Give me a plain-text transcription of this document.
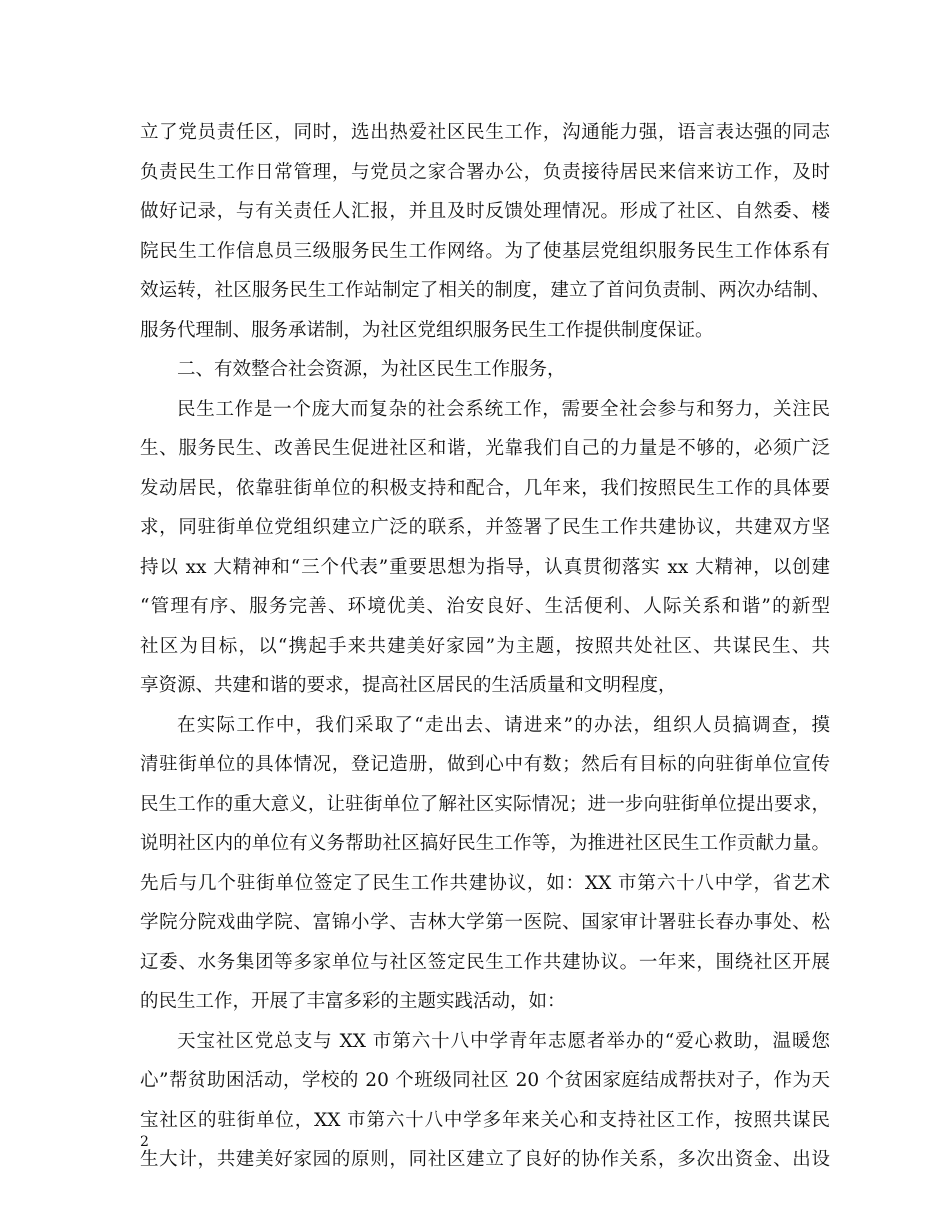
立了党员责任区，同时，选出热爱社区民生工作，沟通能力强，语言表达强的同志
负责民生工作日常管理，与党员之家合署办公，负责接待居民来信来访工作，及时
做好记录，与有关责任人汇报，并且及时反馈处理情况。形成了社区、自然委、楼
院民生工作信息员三级服务民生工作网络。为了使基层党组织服务民生工作体系有
效运转，社区服务民生工作站制定了相关的制度，建立了首问负责制、两次办结制、
服务代理制、服务承诺制，为社区党组织服务民生工作提供制度保证。
二、有效整合社会资源，为社区民生工作服务，
民生工作是一个庞大而复杂的社会系统工作，需要全社会参与和努力，关注民
生、服务民生、改善民生促进社区和谐，光靠我们自己的力量是不够的，必须广泛
发动居民，依靠驻街单位的积极支持和配合，几年来，我们按照民生工作的具体要
求，同驻街单位党组织建立广泛的联系，并签署了民生工作共建协议，共建双方坚
持以 xx 大精神和“三个代表”重要思想为指导，认真贯彻落实 xx 大精神，以创建
“管理有序、服务完善、环境优美、治安良好、生活便利、人际关系和谐”的新型
社区为目标，以“携起手来共建美好家园”为主题，按照共处社区、共谋民生、共
享资源、共建和谐的要求，提高社区居民的生活质量和文明程度，
在实际工作中，我们采取了“走出去、请进来”的办法，组织人员搞调查，摸
清驻街单位的具体情况，登记造册，做到心中有数；然后有目标的向驻街单位宣传
民生工作的重大意义，让驻街单位了解社区实际情况；进一步向驻街单位提出要求，
说明社区内的单位有义务帮助社区搞好民生工作等，为推进社区民生工作贡献力量。
先后与几个驻街单位签定了民生工作共建协议，如：XX 市第六十八中学，省艺术
学院分院戏曲学院、富锦小学、吉林大学第一医院、国家审计署驻长春办事处、松
辽委、水务集团等多家单位与社区签定民生工作共建协议。一年来，围绕社区开展
的民生工作，开展了丰富多彩的主题实践活动，如：
天宝社区党总支与 XX 市第六十八中学青年志愿者举办的“爱心救助，温暖您
心”帮贫助困活动，学校的 20 个班级同社区 20 个贫困家庭结成帮扶对子，作为天
宝社区的驻街单位，XX 市第六十八中学多年来关心和支持社区工作，按照共谋民
生大计，共建美好家园的原则，同社区建立了良好的协作关系，多次出资金、出设
2
